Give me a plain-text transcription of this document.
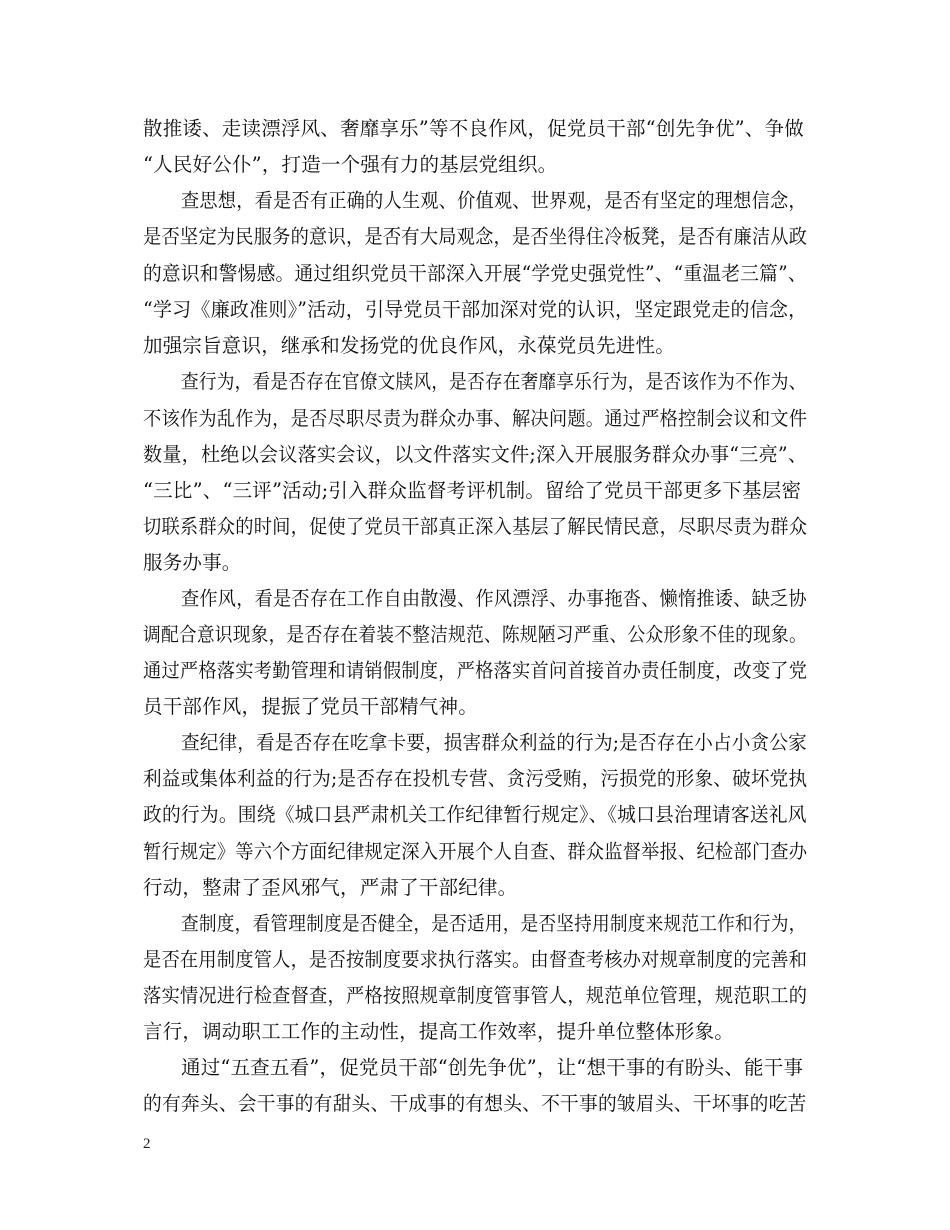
散推诿、走读漂浮风、奢靡享乐”等不良作风，促党员干部“创先争优”、争做
“人民好公仆”，打造一个强有力的基层党组织。
查思想，看是否有正确的人生观、价值观、世界观，是否有坚定的理想信念，
是否坚定为民服务的意识，是否有大局观念，是否坐得住冷板凳，是否有廉洁从政
的意识和警惕感。通过组织党员干部深入开展“学党史强党性”、“重温老三篇”、
“学习《廉政准则》”活动，引导党员干部加深对党的认识，坚定跟党走的信念，
加强宗旨意识，继承和发扬党的优良作风，永葆党员先进性。
查行为，看是否存在官僚文牍风，是否存在奢靡享乐行为，是否该作为不作为、
不该作为乱作为，是否尽职尽责为群众办事、解决问题。通过严格控制会议和文件
数量，杜绝以会议落实会议，以文件落实文件;深入开展服务群众办事“三亮”、
“三比”、“三评”活动;引入群众监督考评机制。留给了党员干部更多下基层密
切联系群众的时间，促使了党员干部真正深入基层了解民情民意，尽职尽责为群众
服务办事。
查作风，看是否存在工作自由散漫、作风漂浮、办事拖沓、懒惰推诿、缺乏协
调配合意识现象，是否存在着装不整洁规范、陈规陋习严重、公众形象不佳的现象。
通过严格落实考勤管理和请销假制度，严格落实首问首接首办责任制度，改变了党
员干部作风，提振了党员干部精气神。
查纪律，看是否存在吃拿卡要，损害群众利益的行为;是否存在小占小贪公家
利益或集体利益的行为;是否存在投机专营、贪污受贿，污损党的形象、破坏党执
政的行为。围绕《城口县严肃机关工作纪律暂行规定》、《城口县治理请客送礼风
暂行规定》等六个方面纪律规定深入开展个人自查、群众监督举报、纪检部门查办
行动，整肃了歪风邪气，严肃了干部纪律。
查制度，看管理制度是否健全，是否适用，是否坚持用制度来规范工作和行为，
是否在用制度管人，是否按制度要求执行落实。由督查考核办对规章制度的完善和
落实情况进行检查督查，严格按照规章制度管事管人，规范单位管理，规范职工的
言行，调动职工工作的主动性，提高工作效率，提升单位整体形象。
通过“五查五看”，促党员干部“创先争优”，让“想干事的有盼头、能干事
的有奔头、会干事的有甜头、干成事的有想头、不干事的皱眉头、干坏事的吃苦
2
